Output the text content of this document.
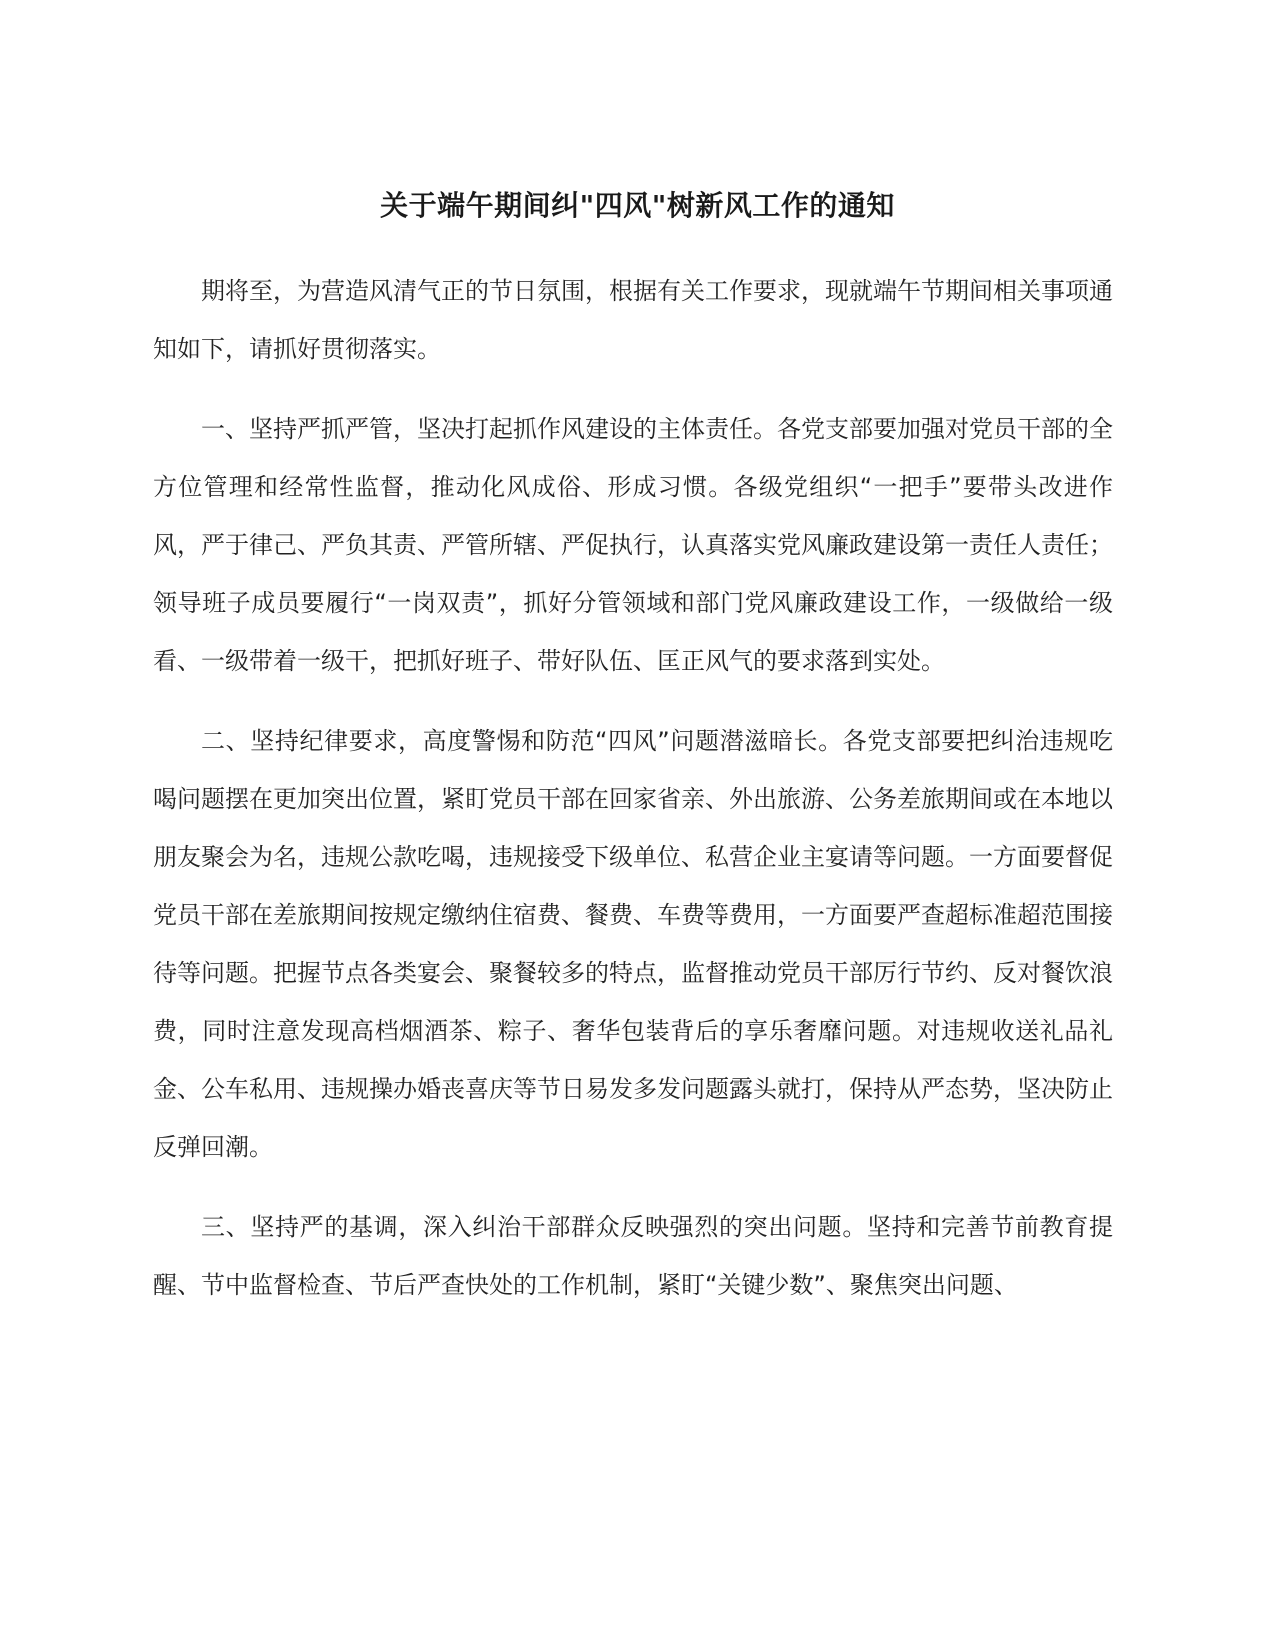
关于端午期间纠"四风"树新风工作的通知

期将至，为营造风清气正的节日氛围，根据有关工作要求，现就端午节期间相关事项通知如下，请抓好贯彻落实。

一、坚持严抓严管，坚决打起抓作风建设的主体责任。各党支部要加强对党员干部的全方位管理和经常性监督，推动化风成俗、形成习惯。各级党组织“一把手”要带头改进作风，严于律己、严负其责、严管所辖、严促执行，认真落实党风廉政建设第一责任人责任；领导班子成员要履行“一岗双责”，抓好分管领域和部门党风廉政建设工作，一级做给一级看、一级带着一级干，把抓好班子、带好队伍、匡正风气的要求落到实处。

二、坚持纪律要求，高度警惕和防范“四风”问题潜滋暗长。各党支部要把纠治违规吃喝问题摆在更加突出位置，紧盯党员干部在回家省亲、外出旅游、公务差旅期间或在本地以朋友聚会为名，违规公款吃喝，违规接受下级单位、私营企业主宴请等问题。一方面要督促党员干部在差旅期间按规定缴纳住宿费、餐费、车费等费用，一方面要严查超标准超范围接待等问题。把握节点各类宴会、聚餐较多的特点，监督推动党员干部厉行节约、反对餐饮浪费，同时注意发现高档烟酒茶、粽子、奢华包装背后的享乐奢靡问题。对违规收送礼品礼金、公车私用、违规操办婚丧喜庆等节日易发多发问题露头就打，保持从严态势，坚决防止反弹回潮。

三、坚持严的基调，深入纠治干部群众反映强烈的突出问题。坚持和完善节前教育提醒、节中监督检查、节后严查快处的工作机制，紧盯“关键少数”、聚焦突出问题、
